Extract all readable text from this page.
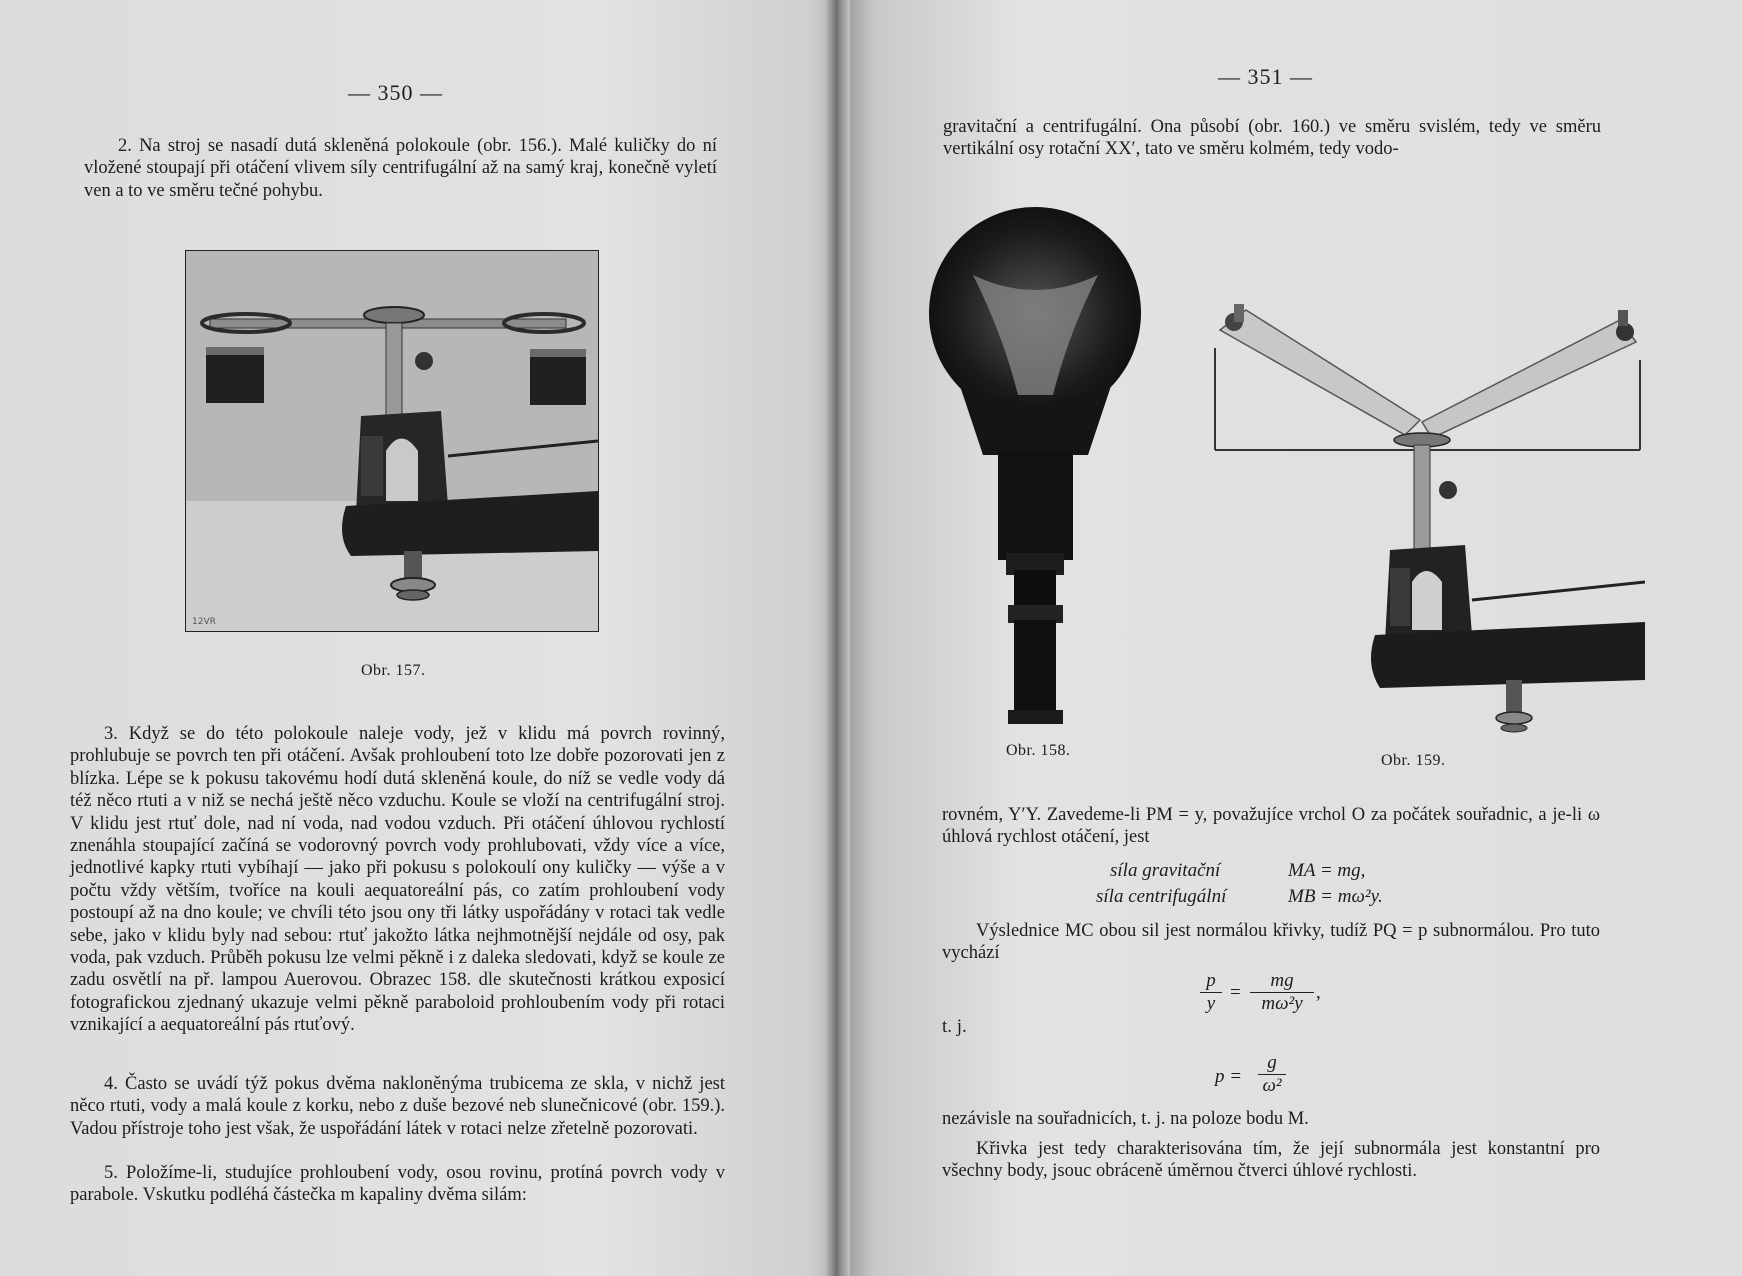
— 350 —

2. Na stroj se nasadí dutá skleněná polokoule (obr. 156.). Malé kuličky do ní vložené stoupají při otáčení vlivem síly centrifugální až na samý kraj, konečně vyletí ven a to ve směru tečné pohybu.

12VR
Obr. 157.

3. Když se do této polokoule naleje vody, jež v klidu má povrch rovinný, prohlubuje se povrch ten při otáčení. Avšak prohloubení toto lze dobře pozorovati jen z blízka. Lépe se k pokusu takovému hodí dutá skleněná koule, do níž se vedle vody dá též něco rtuti a v niž se nechá ještě něco vzduchu. Koule se vloží na centrifugální stroj. V klidu jest rtuť dole, nad ní voda, nad vodou vzduch. Při otáčení úhlovou rychlostí znenáhla stoupající začíná se vodorovný povrch vody prohlubovati, vždy více a více, jednotlivé kapky rtuti vybíhají — jako při pokusu s polokoulí ony kuličky — výše a v počtu vždy větším, tvoříce na kouli aequatoreální pás, co zatím prohloubení vody postoupí až na dno koule; ve chvíli této jsou ony tři látky uspořádány v rotaci tak vedle sebe, jako v klidu byly nad sebou: rtuť jakožto látka nejhmotnější nejdále od osy, pak voda, pak vzduch. Průběh pokusu lze velmi pěkně i z daleka sledovati, když se koule ze zadu osvětlí na př. lampou Auerovou. Obrazec 158. dle skutečnosti krátkou exposicí fotografickou zjednaný ukazuje velmi pěkně paraboloid prohloubením vody při rotaci vznikající a aequatoreální pás rtuťový.

4. Často se uvádí týž pokus dvěma nakloněnýma trubicema ze skla, v nichž jest něco rtuti, vody a malá koule z korku, nebo z duše bezové neb slunečnicové (obr. 159.). Vadou přístroje toho jest však, že uspořádání látek v rotaci nelze zřetelně pozorovati.

5. Položíme-li, studujíce prohloubení vody, osou rovinu, protíná povrch vody v parabole. Vskutku podléhá částečka m kapaliny dvěma silám:

— 351 —

gravitační a centrifugální. Ona působí (obr. 160.) ve směru svislém, tedy ve směru vertikální osy rotační XX′, tato ve směru kolmém, tedy vodo-

Obr. 158.
Obr. 159.

rovném, Y′Y. Zavedeme-li PM = y, považujíce vrchol O za počátek souřadnic, a je-li ω úhlová rychlost otáčení, jest

síla gravitační	MA = mg,
síla centrifugální	MB = mω²y.

Výslednice MC obou sil jest normálou křivky, tudíž PQ = p subnormálou. Pro tuto vychází

$\frac{p}{y} = \frac{mg}{\text{mω²y}}$ ,
t. j.
$p = \frac{g}{\text{ω²}}$

nezávisle na souřadnicích, t. j. na poloze bodu M.

Křivka jest tedy charakterisována tím, že její subnormála jest konstantní pro všechny body, jsouc obráceně úměrnou čtverci úhlové rychlosti.
